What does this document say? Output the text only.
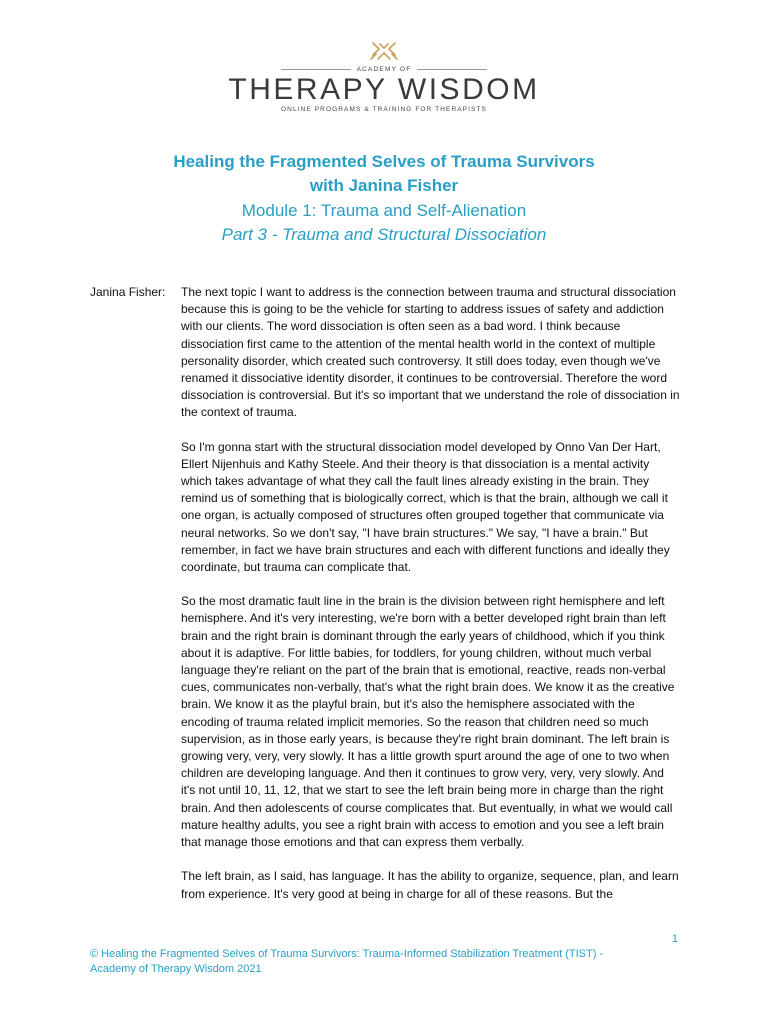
ACADEMY OF
THERAPY WISDOM
ONLINE PROGRAMS & TRAINING FOR THERAPISTS
Healing the Fragmented Selves of Trauma Survivors
with Janina Fisher
Module 1: Trauma and Self-Alienation
Part 3 - Trauma and Structural Dissociation
Janina Fisher: The next topic I want to address is the connection between trauma and structural dissociation because this is going to be the vehicle for starting to address issues of safety and addiction with our clients. The word dissociation is often seen as a bad word. I think because dissociation first came to the attention of the mental health world in the context of multiple personality disorder, which created such controversy. It still does today, even though we've renamed it dissociative identity disorder, it continues to be controversial. Therefore the word dissociation is controversial. But it's so important that we understand the role of dissociation in the context of trauma.

So I'm gonna start with the structural dissociation model developed by Onno Van Der Hart, Ellert Nijenhuis and Kathy Steele. And their theory is that dissociation is a mental activity which takes advantage of what they call the fault lines already existing in the brain. They remind us of something that is biologically correct, which is that the brain, although we call it one organ, is actually composed of structures often grouped together that communicate via neural networks. So we don't say, "I have brain structures." We say, "I have a brain." But remember, in fact we have brain structures and each with different functions and ideally they coordinate, but trauma can complicate that.

So the most dramatic fault line in the brain is the division between right hemisphere and left hemisphere. And it's very interesting, we're born with a better developed right brain than left brain and the right brain is dominant through the early years of childhood, which if you think about it is adaptive. For little babies, for toddlers, for young children, without much verbal language they're reliant on the part of the brain that is emotional, reactive, reads non-verbal cues, communicates non-verbally, that's what the right brain does. We know it as the creative brain. We know it as the playful brain, but it's also the hemisphere associated with the encoding of trauma related implicit memories. So the reason that children need so much supervision, as in those early years, is because they're right brain dominant. The left brain is growing very, very, very slowly. It has a little growth spurt around the age of one to two when children are developing language. And then it continues to grow very, very, very slowly. And it's not until 10, 11, 12, that we start to see the left brain being more in charge than the right brain. And then adolescents of course complicates that. But eventually, in what we would call mature healthy adults, you see a right brain with access to emotion and you see a left brain that manage those emotions and that can express them verbally.

The left brain, as I said, has language. It has the ability to organize, sequence, plan, and learn from experience. It's very good at being in charge for all of these reasons. But the

1
© Healing the Fragmented Selves of Trauma Survivors: Trauma-Informed Stabilization Treatment (TIST) - Academy of Therapy Wisdom 2021
